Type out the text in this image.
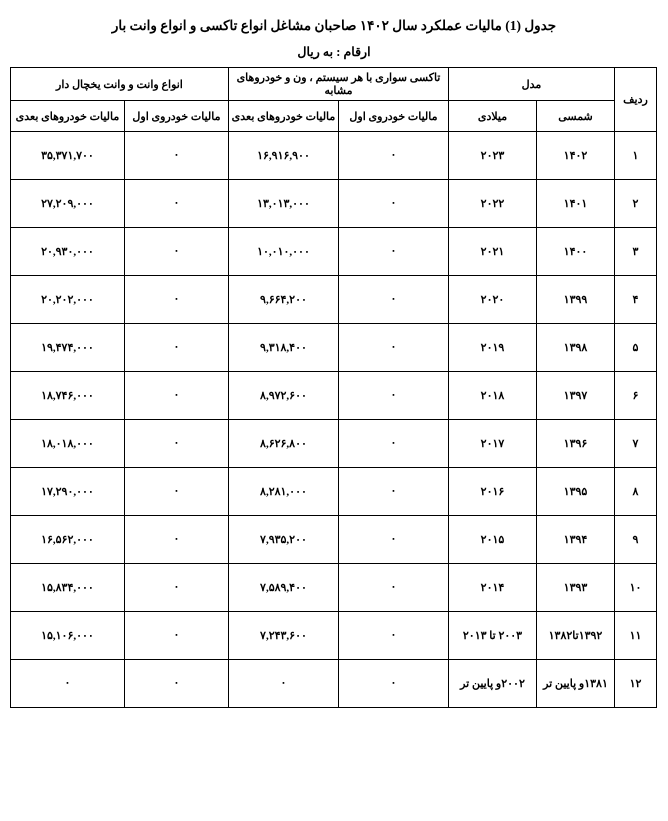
جدول (1) مالیات عملکرد سال ۱۴۰۲ صاحبان مشاغل انواع تاکسی و انواع وانت بار
ارقام : به ریال
ردیف	مدل		تاکسی سواری با هر سیستم ، ون و خودروهای مشابه		انواع وانت و وانت یخچال دار	
	شمسی	میلادی	مالیات خودروی اول	مالیات خودروهای بعدی	مالیات خودروی اول	مالیات خودروهای بعدی
۱	۱۴۰۲	۲۰۲۳	۰	۱۶,۹۱۶,۹۰۰	۰	۳۵,۳۷۱,۷۰۰
۲	۱۴۰۱	۲۰۲۲	۰	۱۳,۰۱۳,۰۰۰	۰	۲۷,۲۰۹,۰۰۰
۳	۱۴۰۰	۲۰۲۱	۰	۱۰,۰۱۰,۰۰۰	۰	۲۰,۹۳۰,۰۰۰
۴	۱۳۹۹	۲۰۲۰	۰	۹,۶۶۴,۲۰۰	۰	۲۰,۲۰۲,۰۰۰
۵	۱۳۹۸	۲۰۱۹	۰	۹,۳۱۸,۴۰۰	۰	۱۹,۴۷۴,۰۰۰
۶	۱۳۹۷	۲۰۱۸	۰	۸,۹۷۲,۶۰۰	۰	۱۸,۷۴۶,۰۰۰
۷	۱۳۹۶	۲۰۱۷	۰	۸,۶۲۶,۸۰۰	۰	۱۸,۰۱۸,۰۰۰
۸	۱۳۹۵	۲۰۱۶	۰	۸,۲۸۱,۰۰۰	۰	۱۷,۲۹۰,۰۰۰
۹	۱۳۹۴	۲۰۱۵	۰	۷,۹۳۵,۲۰۰	۰	۱۶,۵۶۲,۰۰۰
۱۰	۱۳۹۳	۲۰۱۴	۰	۷,۵۸۹,۴۰۰	۰	۱۵,۸۳۴,۰۰۰
۱۱	۱۳۹۲تا۱۳۸۲	۲۰۰۳ تا ۲۰۱۳	۰	۷,۲۴۳,۶۰۰	۰	۱۵,۱۰۶,۰۰۰
۱۲	۱۳۸۱و پایین تر	۲۰۰۲و پایین تر	۰	۰	۰	۰
